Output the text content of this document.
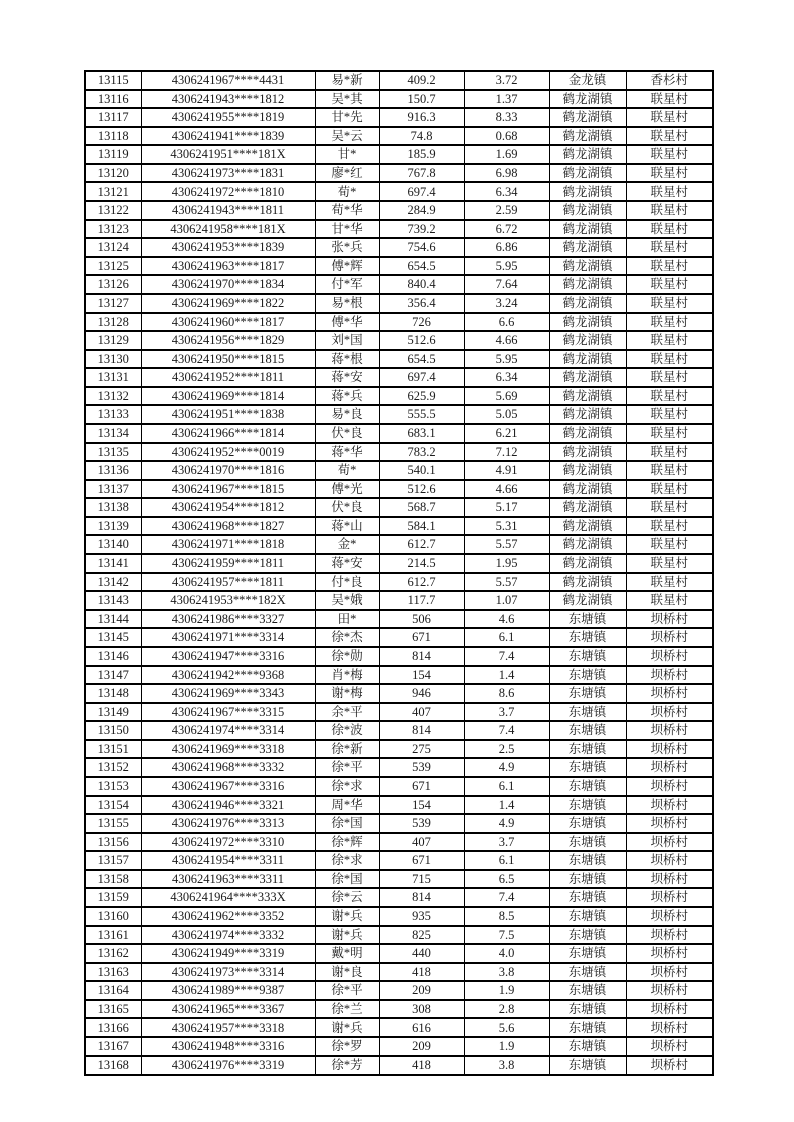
13115	4306241967****4431	易*新	409.2	3.72	金龙镇	香杉村
13116	4306241943****1812	吴*其	150.7	1.37	鹤龙湖镇	联星村
13117	4306241955****1819	甘*先	916.3	8.33	鹤龙湖镇	联星村
13118	4306241941****1839	吴*云	74.8	0.68	鹤龙湖镇	联星村
13119	4306241951****181X	甘*	185.9	1.69	鹤龙湖镇	联星村
13120	4306241973****1831	廖*红	767.8	6.98	鹤龙湖镇	联星村
13121	4306241972****1810	荀*	697.4	6.34	鹤龙湖镇	联星村
13122	4306241943****1811	荀*华	284.9	2.59	鹤龙湖镇	联星村
13123	4306241958****181X	甘*华	739.2	6.72	鹤龙湖镇	联星村
13124	4306241953****1839	张*兵	754.6	6.86	鹤龙湖镇	联星村
13125	4306241963****1817	傅*辉	654.5	5.95	鹤龙湖镇	联星村
13126	4306241970****1834	付*军	840.4	7.64	鹤龙湖镇	联星村
13127	4306241969****1822	易*根	356.4	3.24	鹤龙湖镇	联星村
13128	4306241960****1817	傅*华	726	6.6	鹤龙湖镇	联星村
13129	4306241956****1829	刘*国	512.6	4.66	鹤龙湖镇	联星村
13130	4306241950****1815	蒋*根	654.5	5.95	鹤龙湖镇	联星村
13131	4306241952****1811	蒋*安	697.4	6.34	鹤龙湖镇	联星村
13132	4306241969****1814	蒋*兵	625.9	5.69	鹤龙湖镇	联星村
13133	4306241951****1838	易*良	555.5	5.05	鹤龙湖镇	联星村
13134	4306241966****1814	伏*良	683.1	6.21	鹤龙湖镇	联星村
13135	4306241952****0019	蒋*华	783.2	7.12	鹤龙湖镇	联星村
13136	4306241970****1816	荀*	540.1	4.91	鹤龙湖镇	联星村
13137	4306241967****1815	傅*光	512.6	4.66	鹤龙湖镇	联星村
13138	4306241954****1812	伏*良	568.7	5.17	鹤龙湖镇	联星村
13139	4306241968****1827	蒋*山	584.1	5.31	鹤龙湖镇	联星村
13140	4306241971****1818	金*	612.7	5.57	鹤龙湖镇	联星村
13141	4306241959****1811	蒋*安	214.5	1.95	鹤龙湖镇	联星村
13142	4306241957****1811	付*良	612.7	5.57	鹤龙湖镇	联星村
13143	4306241953****182X	吴*娥	117.7	1.07	鹤龙湖镇	联星村
13144	4306241986****3327	田*	506	4.6	东塘镇	坝桥村
13145	4306241971****3314	徐*杰	671	6.1	东塘镇	坝桥村
13146	4306241947****3316	徐*勋	814	7.4	东塘镇	坝桥村
13147	4306241942****9368	肖*梅	154	1.4	东塘镇	坝桥村
13148	4306241969****3343	谢*梅	946	8.6	东塘镇	坝桥村
13149	4306241967****3315	余*平	407	3.7	东塘镇	坝桥村
13150	4306241974****3314	徐*波	814	7.4	东塘镇	坝桥村
13151	4306241969****3318	徐*新	275	2.5	东塘镇	坝桥村
13152	4306241968****3332	徐*平	539	4.9	东塘镇	坝桥村
13153	4306241967****3316	徐*求	671	6.1	东塘镇	坝桥村
13154	4306241946****3321	周*华	154	1.4	东塘镇	坝桥村
13155	4306241976****3313	徐*国	539	4.9	东塘镇	坝桥村
13156	4306241972****3310	徐*辉	407	3.7	东塘镇	坝桥村
13157	4306241954****3311	徐*求	671	6.1	东塘镇	坝桥村
13158	4306241963****3311	徐*国	715	6.5	东塘镇	坝桥村
13159	4306241964****333X	徐*云	814	7.4	东塘镇	坝桥村
13160	4306241962****3352	谢*兵	935	8.5	东塘镇	坝桥村
13161	4306241974****3332	谢*兵	825	7.5	东塘镇	坝桥村
13162	4306241949****3319	戴*明	440	4.0	东塘镇	坝桥村
13163	4306241973****3314	谢*良	418	3.8	东塘镇	坝桥村
13164	4306241989****9387	徐*平	209	1.9	东塘镇	坝桥村
13165	4306241965****3367	徐*兰	308	2.8	东塘镇	坝桥村
13166	4306241957****3318	谢*兵	616	5.6	东塘镇	坝桥村
13167	4306241948****3316	徐*罗	209	1.9	东塘镇	坝桥村
13168	4306241976****3319	徐*芳	418	3.8	东塘镇	坝桥村
